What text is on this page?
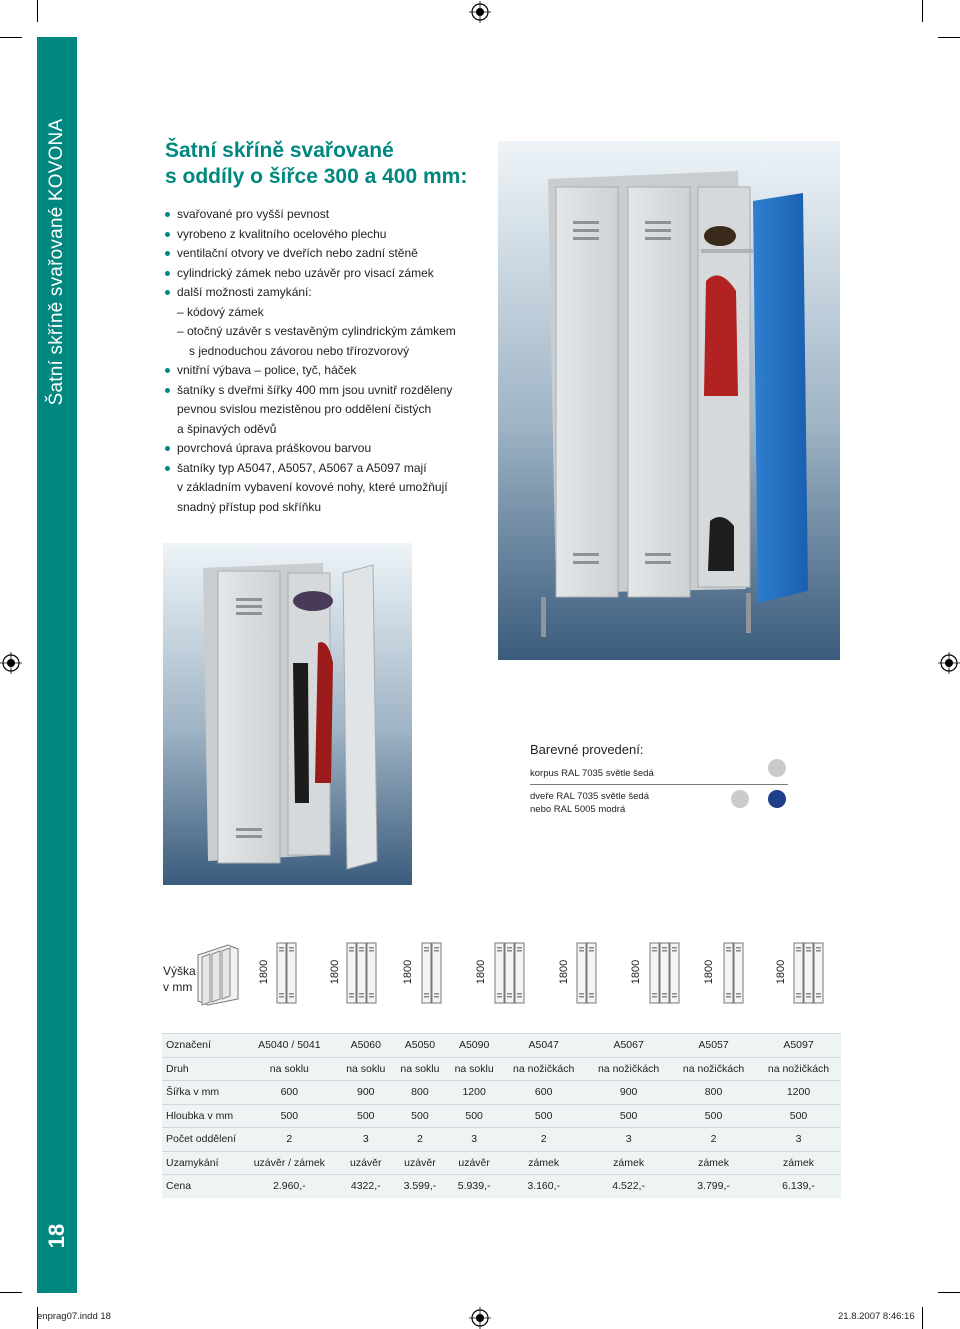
Šatní skříně svařované KOVONA
18
Šatní skříně svařované
s oddíly o šířce 300 a 400 mm:
svařované pro vyšší pevnost
vyrobeno z kvalitního ocelového plechu
ventilační otvory ve dveřích nebo zadní stěně
cylindrický zámek nebo uzávěr pro visací zámek
další možnosti zamykání:
– kódový zámek
– otočný uzávěr s vestavěným cylindrickým zámkem
s jednoduchou závorou nebo třírozvorový
vnitřní výbava – police, tyč, háček
šatníky s dveřmi šířky 400 mm jsou uvnitř rozděleny
pevnou svislou mezistěnou pro oddělení čistých
a špinavých oděvů
povrchová úprava práškovou barvou
šatníky typ A5047, A5057, A5067 a A5097 mají
v základním vybavení kovové nohy, které umožňují
snadný přístup pod skříňku
Barevné provedení:
korpus RAL 7035 světle šedá
dveře RAL 7035 světle šedá
nebo RAL 5005 modrá
Výška
v mm
1800	1800	1800	1800	1800	1800	1800	1800
Označení	A5040 / 5041	A5060	A5050	A5090	A5047	A5067	A5057	A5097
Druh	na soklu	na soklu	na soklu	na soklu	na nožičkách	na nožičkách	na nožičkách	na nožičkách
Šířka v mm	600	900	800	1200	600	900	800	1200
Hloubka v mm	500	500	500	500	500	500	500	500
Počet oddělení	2	3	2	3	2	3	2	3
Uzamykání	uzávěr / zámek	uzávěr	uzávěr	uzávěr	zámek	zámek	zámek	zámek
Cena	2.960,-	4322,-	3.599,-	5.939,-	3.160,-	4.522,-	3.799,-	6.139,-
enprag07.indd 18	21.8.2007 8:46:16
